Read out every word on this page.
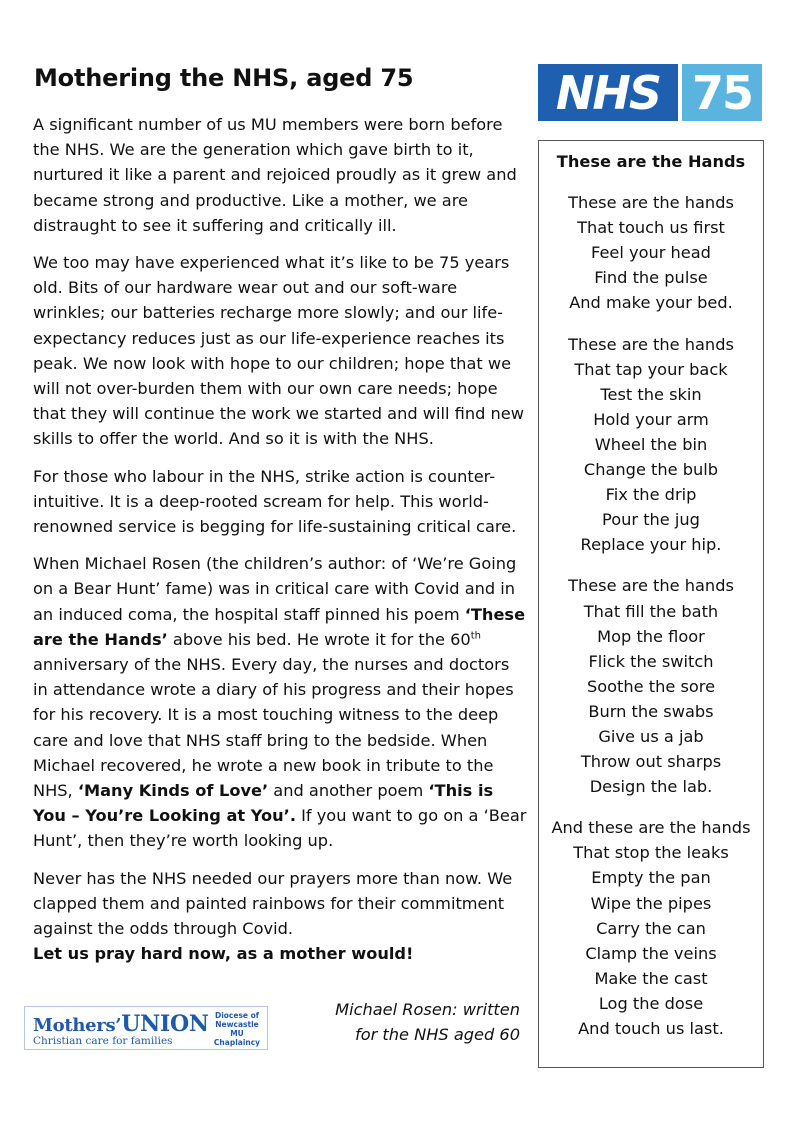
Mothering the NHS, aged 75	NHS 75

A significant number of us MU members were born before the NHS. We are the generation which gave birth to it, nurtured it like a parent and rejoiced proudly as it grew and became strong and productive. Like a mother, we are distraught to see it suffering and critically ill.

We too may have experienced what it’s like to be 75 years old. Bits of our hardware wear out and our soft-ware wrinkles; our batteries recharge more slowly; and our life-expectancy reduces just as our life-experience reaches its peak. We now look with hope to our children; hope that we will not over-burden them with our own care needs; hope that they will continue the work we started and will find new skills to offer the world. And so it is with the NHS.

For those who labour in the NHS, strike action is counter-intuitive. It is a deep-rooted scream for help. This world-renowned service is begging for life-sustaining critical care.

When Michael Rosen (the children’s author: of ‘We’re Going on a Bear Hunt’ fame) was in critical care with Covid and in an induced coma, the hospital staff pinned his poem ‘These are the Hands’ above his bed. He wrote it for the 60th anniversary of the NHS. Every day, the nurses and doctors in attendance wrote a diary of his progress and their hopes for his recovery. It is a most touching witness to the deep care and love that NHS staff bring to the bedside. When Michael recovered, he wrote a new book in tribute to the NHS, ‘Many Kinds of Love’ and another poem ‘This is You – You’re Looking at You’. If you want to go on a ‘Bear Hunt’, then they’re worth looking up.

Never has the NHS needed our prayers more than now. We clapped them and painted rainbows for their commitment against the odds through Covid.
Let us pray hard now, as a mother would!

These are the Hands
These are the hands
That touch us first
Feel your head
Find the pulse
And make your bed.
These are the hands
That tap your back
Test the skin
Hold your arm
Wheel the bin
Change the bulb
Fix the drip
Pour the jug
Replace your hip.
These are the hands
That fill the bath
Mop the floor
Flick the switch
Soothe the sore
Burn the swabs
Give us a jab
Throw out sharps
Design the lab.
And these are the hands
That stop the leaks
Empty the pan
Wipe the pipes
Carry the can
Clamp the veins
Make the cast
Log the dose
And touch us last.
Michael Rosen: written
for the NHS aged 60
Mothers’UNION
Christian care for families
Diocese of
Newcastle
MU Chaplaincy
